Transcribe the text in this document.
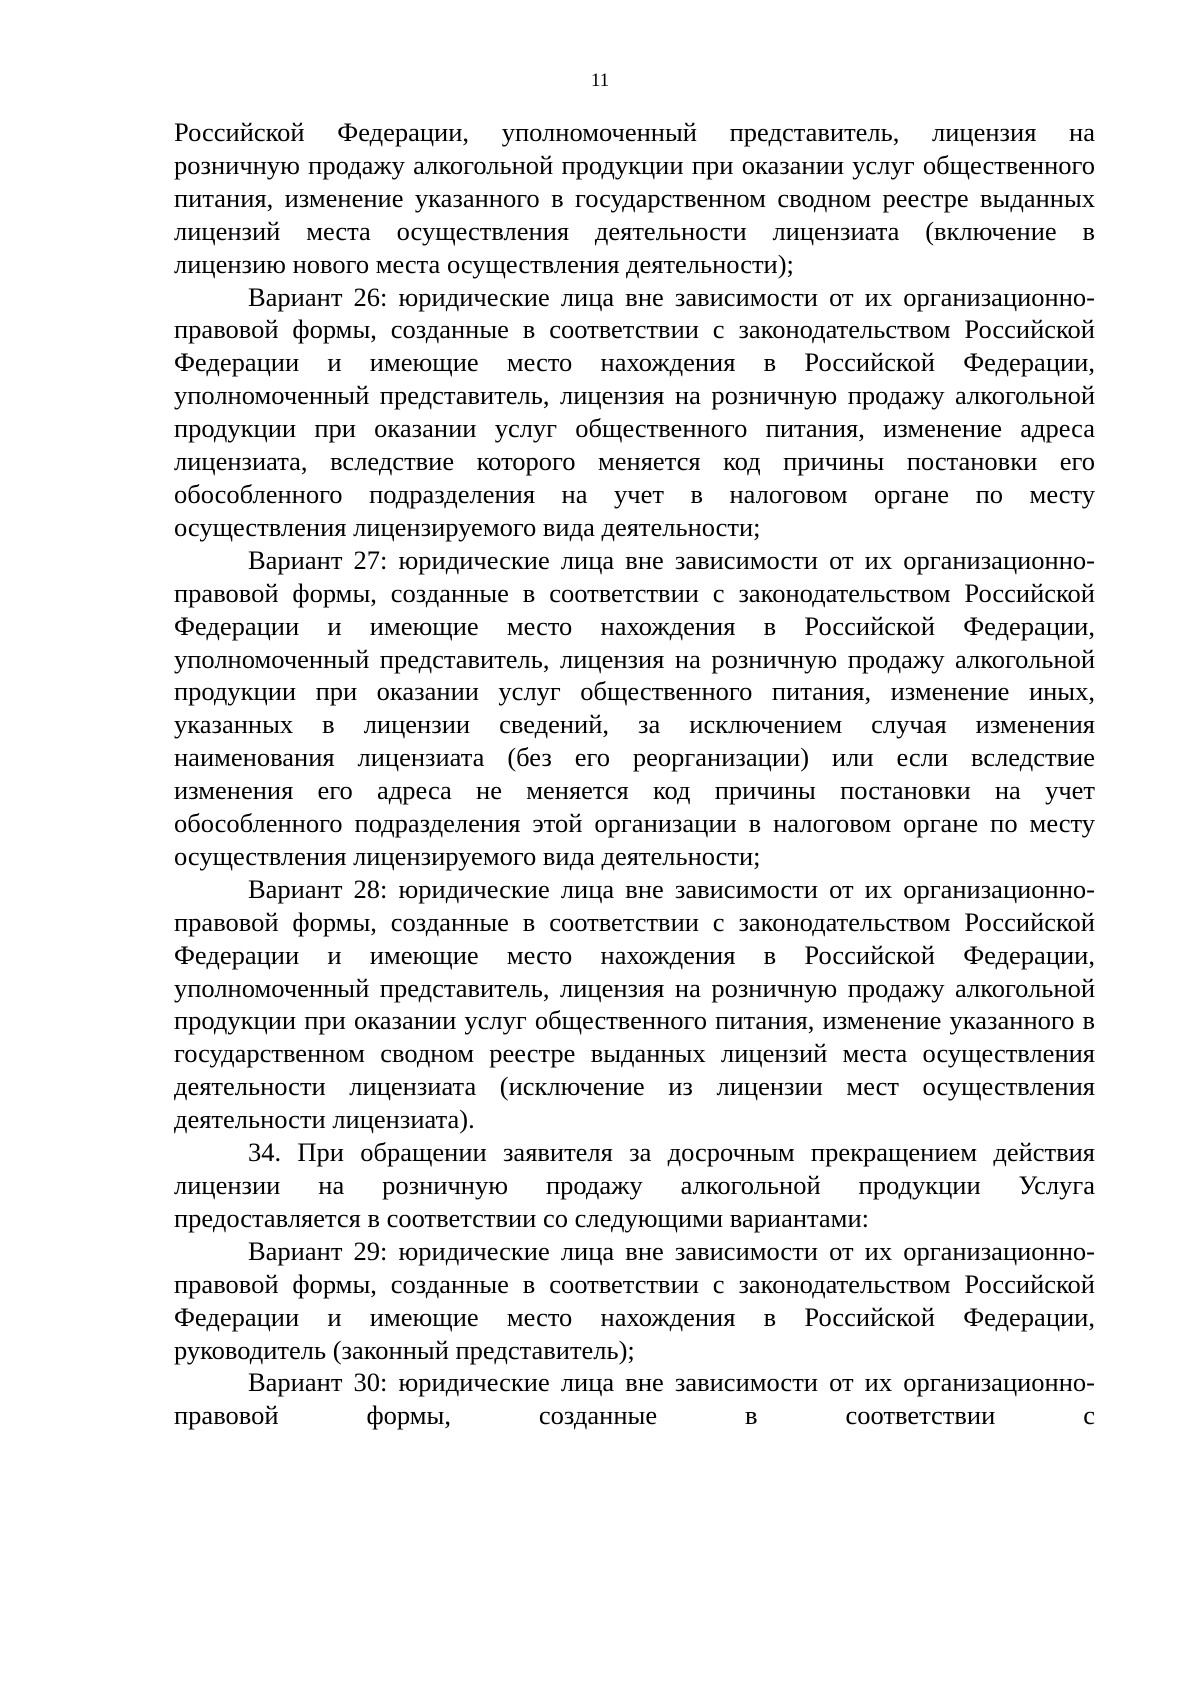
11

Российской Федерации, уполномоченный представитель, лицензия на розничную продажу алкогольной продукции при оказании услуг общественного питания, изменение указанного в государственном сводном реестре выданных лицензий места осуществления деятельности лицензиата (включение в лицензию нового места осуществления деятельности);

Вариант 26: юридические лица вне зависимости от их организационно-правовой формы, созданные в соответствии с законодательством Российской Федерации и имеющие место нахождения в Российской Федерации, уполномоченный представитель, лицензия на розничную продажу алкогольной продукции при оказании услуг общественного питания, изменение адреса лицензиата, вследствие которого меняется код причины постановки его обособленного подразделения на учет в налоговом органе по месту осуществления лицензируемого вида деятельности;

Вариант 27: юридические лица вне зависимости от их организационно-правовой формы, созданные в соответствии с законодательством Российской Федерации и имеющие место нахождения в Российской Федерации, уполномоченный представитель, лицензия на розничную продажу алкогольной продукции при оказании услуг общественного питания, изменение иных, указанных в лицензии сведений, за исключением случая изменения наименования лицензиата (без его реорганизации) или если вследствие изменения его адреса не меняется код причины постановки на учет обособленного подразделения этой организации в налоговом органе по месту осуществления лицензируемого вида деятельности;

Вариант 28: юридические лица вне зависимости от их организационно-правовой формы, созданные в соответствии с законодательством Российской Федерации и имеющие место нахождения в Российской Федерации, уполномоченный представитель, лицензия на розничную продажу алкогольной продукции при оказании услуг общественного питания, изменение указанного в государственном сводном реестре выданных лицензий места осуществления деятельности лицензиата (исключение из лицензии мест осуществления деятельности лицензиата).

34. При обращении заявителя за досрочным прекращением действия лицензии на розничную продажу алкогольной продукции Услуга предоставляется в соответствии со следующими вариантами:

Вариант 29: юридические лица вне зависимости от их организационно-правовой формы, созданные в соответствии с законодательством Российской Федерации и имеющие место нахождения в Российской Федерации, руководитель (законный представитель);

Вариант 30: юридические лица вне зависимости от их организационно-правовой формы, созданные в соответствии с
